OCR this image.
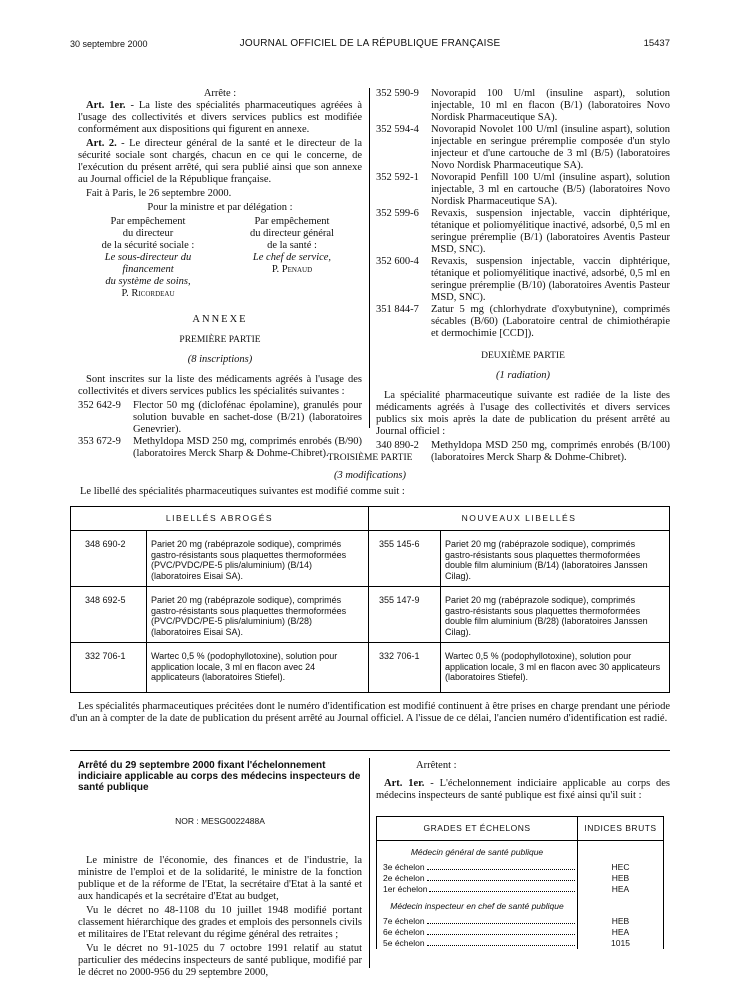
30 septembre 2000	JOURNAL OFFICIEL DE LA RÉPUBLIQUE FRANÇAISE	15437

Arrête :

Art. 1er. - La liste des spécialités pharmaceutiques agréées à l'usage des collectivités et divers services publics est modifiée conformément aux dispositions qui figurent en annexe.

Art. 2. - Le directeur général de la santé et le directeur de la sécurité sociale sont chargés, chacun en ce qui le concerne, de l'exécution du présent arrêté, qui sera publié ainsi que son annexe au Journal officiel de la République française.

Fait à Paris, le 26 septembre 2000.

Pour la ministre et par délégation :

Par empêchement
du directeur
de la sécurité sociale :
Le sous-directeur du financement
du système de soins,
P. Ricordeau
Par empêchement
du directeur général
de la santé :
Le chef de service,
P. Penaud

ANNEXE

PREMIÈRE PARTIE

(8 inscriptions)

Sont inscrites sur la liste des médicaments agréés à l'usage des collectivités et divers services publics les spécialités suivantes :

352 642-9	Flector 50 mg (diclofénac épolamine), granulés pour solution buvable en sachet-dose (B/21) (laboratoires Genevrier).
353 672-9	Methyldopa MSD 250 mg, comprimés enrobés (B/90) (laboratoires Merck Sharp & Dohme-Chibret).
352 590-9	Novorapid 100 U/ml (insuline aspart), solution injectable, 10 ml en flacon (B/1) (laboratoires Novo Nordisk Pharmaceutique SA).
352 594-4	Novorapid Novolet 100 U/ml (insuline aspart), solution injectable en seringue préremplie composée d'un stylo injecteur et d'une cartouche de 3 ml (B/5) (laboratoires Novo Nordisk Pharmaceutique SA).
352 592-1	Novorapid Penfill 100 U/ml (insuline aspart), solution injectable, 3 ml en cartouche (B/5) (laboratoires Novo Nordisk Pharmaceutique SA).
352 599-6	Revaxis, suspension injectable, vaccin diphtérique, tétanique et poliomyélitique inactivé, adsorbé, 0,5 ml en seringue préremplie (B/1) (laboratoires Aventis Pasteur MSD, SNC).
352 600-4	Revaxis, suspension injectable, vaccin diphtérique, tétanique et poliomyélitique inactivé, adsorbé, 0,5 ml en seringue préremplie (B/10) (laboratoires Aventis Pasteur MSD, SNC).
351 844-7	Zatur 5 mg (chlorhydrate d'oxybutynine), comprimés sécables (B/60) (Laboratoire central de chimiothérapie et dermochimie [CCD]).

DEUXIÈME PARTIE

(1 radiation)

La spécialité pharmaceutique suivante est radiée de la liste des médicaments agréés à l'usage des collectivités et divers services publics six mois après la date de publication du présent arrêté au Journal officiel :

340 890-2	Methyldopa MSD 250 mg, comprimés enrobés (B/100) (laboratoires Merck Sharp & Dohme-Chibret).

TROISIÈME PARTIE

(3 modifications)

Le libellé des spécialités pharmaceutiques suivantes est modifié comme suit :

LIBELLÉS ABROGÉS		NOUVEAUX LIBELLÉS	
348 690-2	Pariet 20 mg (rabéprazole sodique), comprimés gastro-résistants sous plaquettes thermoformées (PVC/PVDC/PE-5 plis/aluminium) (B/14) (laboratoires Eisai SA).	355 145-6	Pariet 20 mg (rabéprazole sodique), comprimés gastro-résistants sous plaquettes thermoformées double film aluminium (B/14) (laboratoires Janssen Cilag).
348 692-5	Pariet 20 mg (rabéprazole sodique), comprimés gastro-résistants sous plaquettes thermoformées (PVC/PVDC/PE-5 plis/aluminium) (B/28) (laboratoires Eisai SA).	355 147-9	Pariet 20 mg (rabéprazole sodique), comprimés gastro-résistants sous plaquettes thermoformées double film aluminium (B/28) (laboratoires Janssen Cilag).
332 706-1	Wartec 0,5 % (podophyllotoxine), solution pour application locale, 3 ml en flacon avec 24 applicateurs (laboratoires Stiefel).	332 706-1	Wartec 0,5 % (podophyllotoxine), solution pour application locale, 3 ml en flacon avec 30 applicateurs (laboratoires Stiefel).

Les spécialités pharmaceutiques précitées dont le numéro d'identification est modifié continuent à être prises en charge prendant une période d'un an à compter de la date de publication du présent arrêté au Journal officiel. A l'issue de ce délai, l'ancien numéro d'identification est radié.

Arrêté du 29 septembre 2000 fixant l'échelonnement indiciaire applicable au corps des médecins inspecteurs de santé publique

NOR : MESG0022488A

Le ministre de l'économie, des finances et de l'industrie, la ministre de l'emploi et de la solidarité, le ministre de la fonction publique et de la réforme de l'Etat, la secrétaire d'Etat à la santé et aux handicapés et la secrétaire d'Etat au budget,

Vu le décret no 48-1108 du 10 juillet 1948 modifié portant classement hiérarchique des grades et emplois des personnels civils et militaires de l'Etat relevant du régime général des retraites ;

Vu le décret no 91-1025 du 7 octobre 1991 relatif au statut particulier des médecins inspecteurs de santé publique, modifié par le décret no 2000-956 du 29 septembre 2000,

Arrêtent :

Art. 1er. - L'échelonnement indiciaire applicable au corps des médecins inspecteurs de santé publique est fixé ainsi qu'il suit :

GRADES ET ÉCHELONS	INDICES BRUTS
Médecin général de santé publique	

3e échelon	HEC

2e échelon	HEB

1er échelon	HEA
Médecin inspecteur en chef de santé publique	

7e échelon	HEB

6e échelon	HEA

5e échelon	1015
